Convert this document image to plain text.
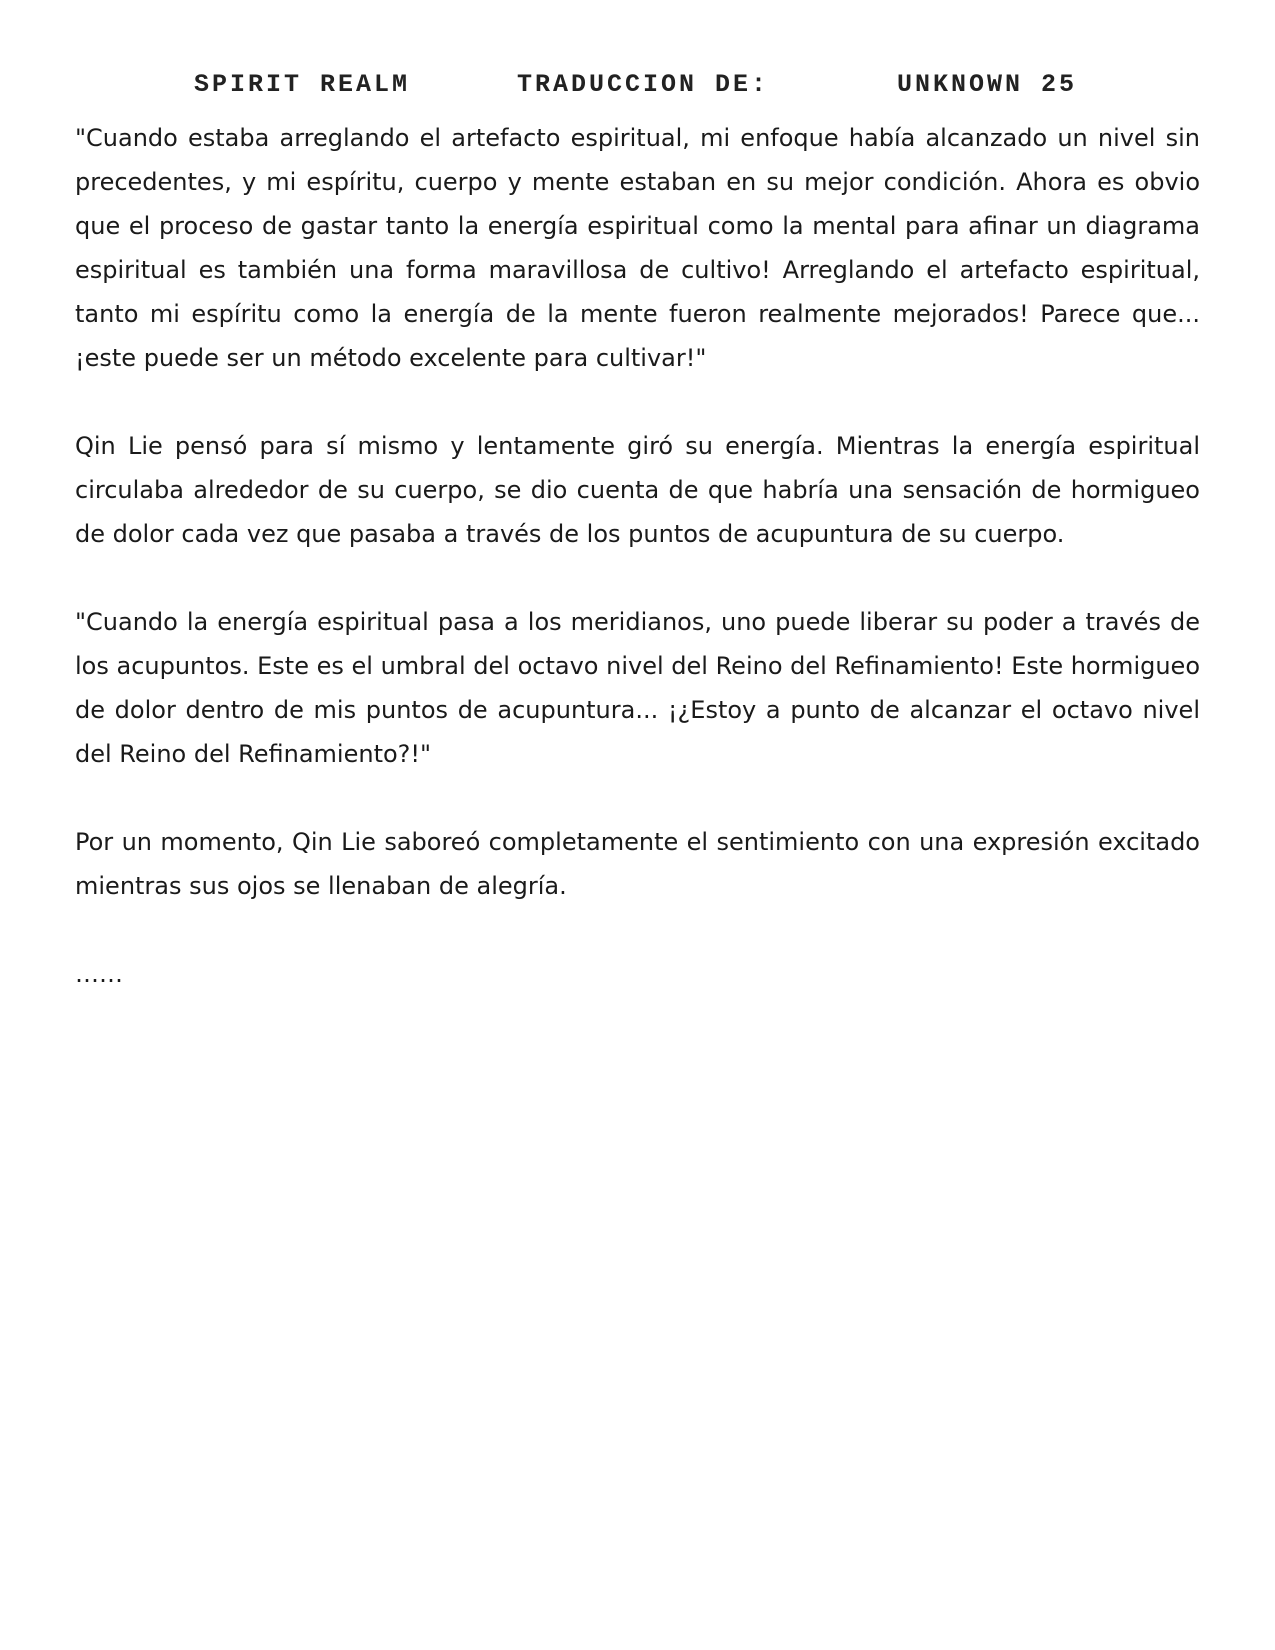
SPIRIT REALM	TRADUCCION DE:	UNKNOWN 25

"Cuando estaba arreglando el artefacto espiritual, mi enfoque había alcanzado un nivel sin precedentes, y mi espíritu, cuerpo y mente estaban en su mejor condición. Ahora es obvio que el proceso de gastar tanto la energía espiritual como la mental para afinar un diagrama espiritual es también una forma maravillosa de cultivo! Arreglando el artefacto espiritual, tanto mi espíritu como la energía de la mente fueron realmente mejorados! Parece que... ¡este puede ser un método excelente para cultivar!"

Qin Lie pensó para sí mismo y lentamente giró su energía. Mientras la energía espiritual circulaba alrededor de su cuerpo, se dio cuenta de que habría una sensación de hormigueo de dolor cada vez que pasaba a través de los puntos de acupuntura de su cuerpo.

"Cuando la energía espiritual pasa a los meridianos, uno puede liberar su poder a través de los acupuntos. Este es el umbral del octavo nivel del Reino del Refinamiento! Este hormigueo de dolor dentro de mis puntos de acupuntura... ¡¿Estoy a punto de alcanzar el octavo nivel del Reino del Refinamiento?!"

Por un momento, Qin Lie saboreó completamente el sentimiento con una expresión excitado mientras sus ojos se llenaban de alegría.

……
